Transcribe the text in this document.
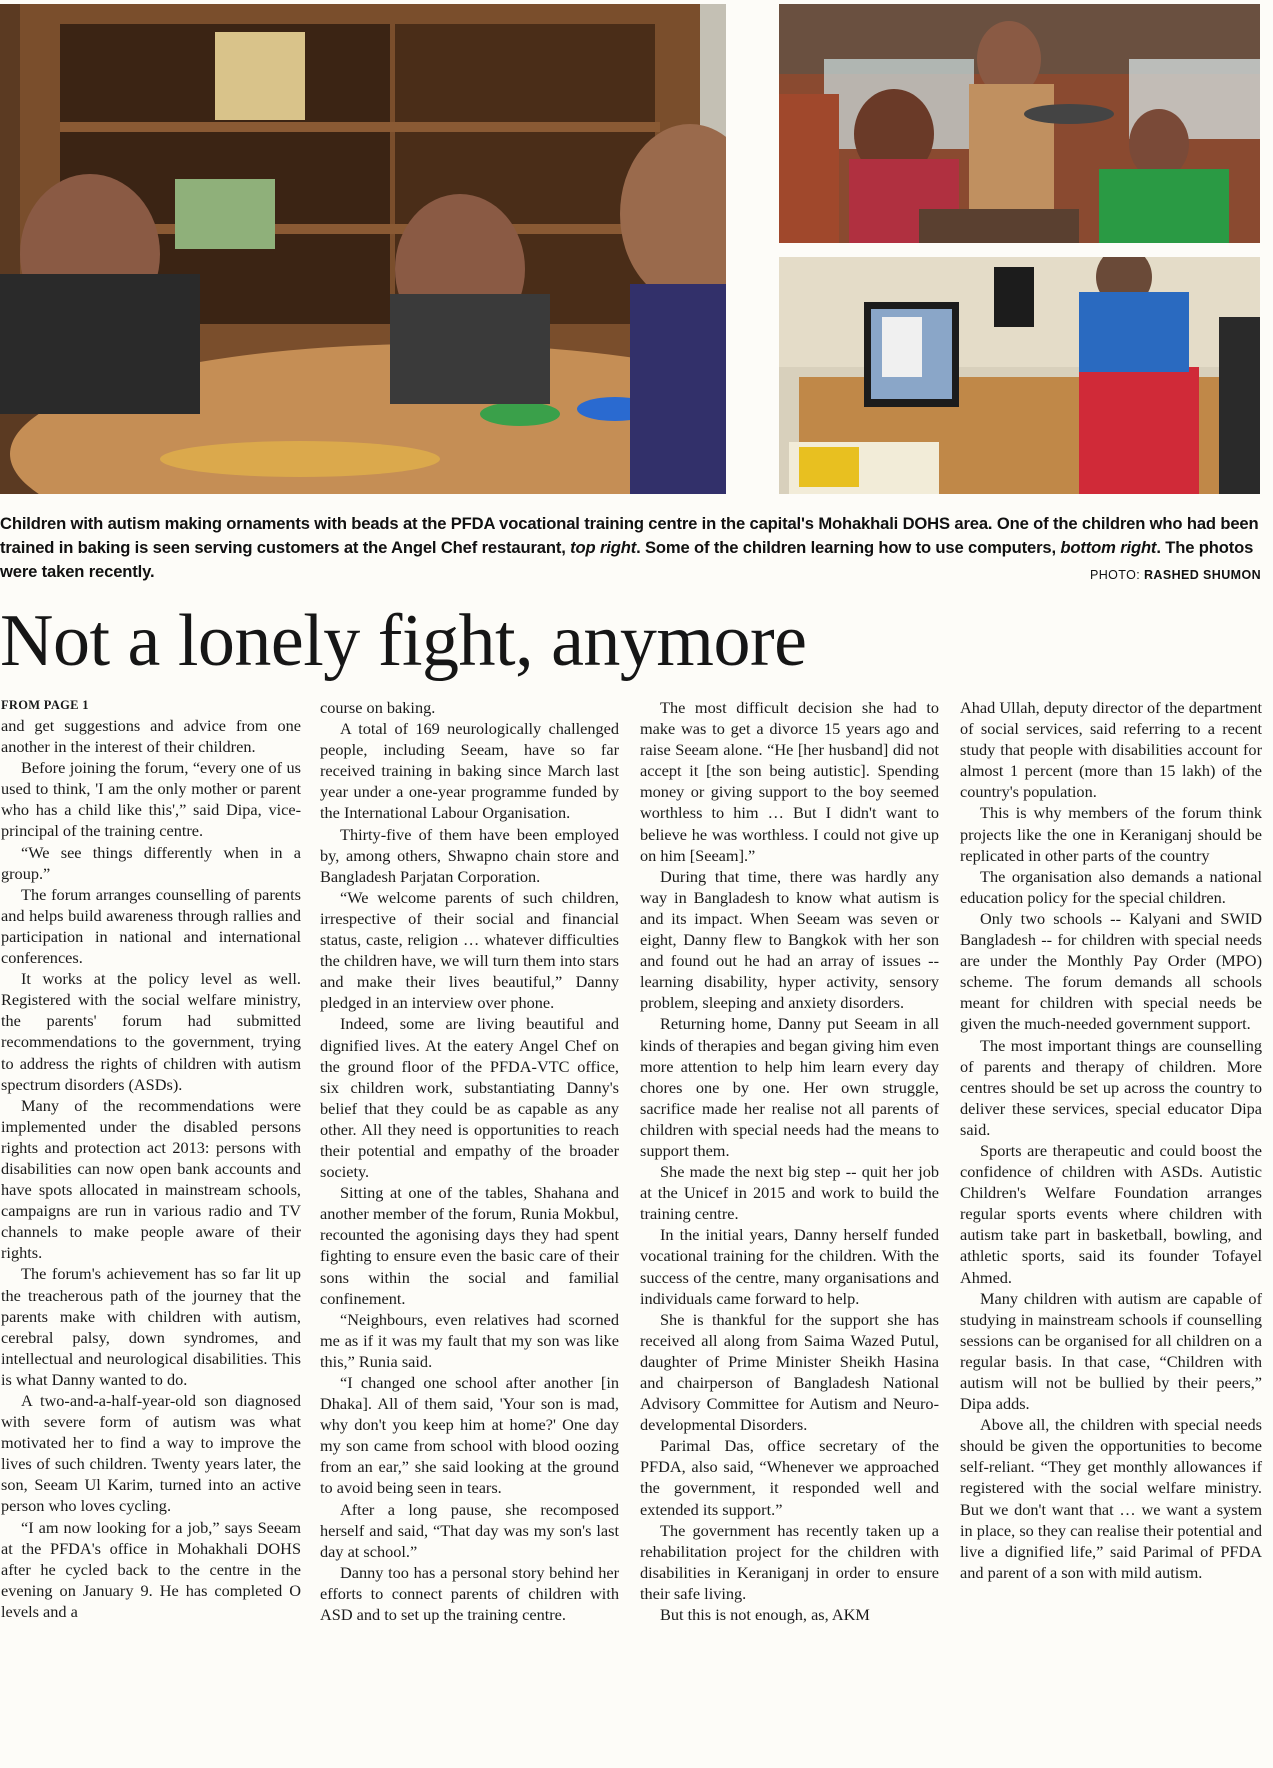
Children with autism making ornaments with beads at the PFDA vocational training centre in the capital's Mohakhali DOHS area. One of the children who had been trained in baking is seen serving customers at the Angel Chef restaurant, top right. Some of the children learning how to use computers, bottom right. The photos were taken recently.	PHOTO: RASHED SHUMON
Not a lonely fight, anymore
FROM PAGE 1

and get suggestions and advice from one another in the interest of their children.

Before joining the forum, “every one of us used to think, 'I am the only mother or parent who has a child like this',” said Dipa, vice-principal of the training centre.

“We see things differently when in a group.”

The forum arranges counselling of parents and helps build awareness through rallies and participation in national and international conferences.

It works at the policy level as well. Registered with the social welfare ministry, the parents' forum had submitted recommendations to the government, trying to address the rights of children with autism spectrum disorders (ASDs).

Many of the recommendations were implemented under the disabled persons rights and protection act 2013: persons with disabilities can now open bank accounts and have spots allocated in mainstream schools, campaigns are run in various radio and TV channels to make people aware of their rights.

The forum's achievement has so far lit up the treacherous path of the journey that the parents make with children with autism, cerebral palsy, down syndromes, and intellectual and neurological disabilities. This is what Danny wanted to do.

A two-and-a-half-year-old son diagnosed with severe form of autism was what motivated her to find a way to improve the lives of such children. Twenty years later, the son, Seeam Ul Karim, turned into an active person who loves cycling.

“I am now looking for a job,” says Seeam at the PFDA's office in Mohakhali DOHS after he cycled back to the centre in the evening on January 9. He has completed O levels and a

course on baking.

A total of 169 neurologically challenged people, including Seeam, have so far received training in baking since March last year under a one-year programme funded by the International Labour Organisation.

Thirty-five of them have been employed by, among others, Shwapno chain store and Bangladesh Parjatan Corporation.

“We welcome parents of such children, irrespective of their social and financial status, caste, religion … whatever difficulties the children have, we will turn them into stars and make their lives beautiful,” Danny pledged in an interview over phone.

Indeed, some are living beautiful and dignified lives. At the eatery Angel Chef on the ground floor of the PFDA-VTC office, six children work, substantiating Danny's belief that they could be as capable as any other. All they need is opportunities to reach their potential and empathy of the broader society.

Sitting at one of the tables, Shahana and another member of the forum, Runia Mokbul, recounted the agonising days they had spent fighting to ensure even the basic care of their sons within the social and familial confinement.

“Neighbours, even relatives had scorned me as if it was my fault that my son was like this,” Runia said.

“I changed one school after another [in Dhaka]. All of them said, 'Your son is mad, why don't you keep him at home?' One day my son came from school with blood oozing from an ear,” she said looking at the ground to avoid being seen in tears.

After a long pause, she recomposed herself and said, “That day was my son's last day at school.”

Danny too has a personal story behind her efforts to connect parents of children with ASD and to set up the training centre.

The most difficult decision she had to make was to get a divorce 15 years ago and raise Seeam alone. “He [her husband] did not accept it [the son being autistic]. Spending money or giving support to the boy seemed worthless to him … But I didn't want to believe he was worthless. I could not give up on him [Seeam].”

During that time, there was hardly any way in Bangladesh to know what autism is and its impact. When Seeam was seven or eight, Danny flew to Bangkok with her son and found out he had an array of issues -- learning disability, hyper activity, sensory problem, sleeping and anxiety disorders.

Returning home, Danny put Seeam in all kinds of therapies and began giving him even more attention to help him learn every day chores one by one. Her own struggle, sacrifice made her realise not all parents of children with special needs had the means to support them.

She made the next big step -- quit her job at the Unicef in 2015 and work to build the training centre.

In the initial years, Danny herself funded vocational training for the children. With the success of the centre, many organisations and individuals came forward to help.

She is thankful for the support she has received all along from Saima Wazed Putul, daughter of Prime Minister Sheikh Hasina and chairperson of Bangladesh National Advisory Committee for Autism and Neurodevelopmental Disorders.

Parimal Das, office secretary of the PFDA, also said, “Whenever we approached the government, it responded well and extended its support.”

The government has recently taken up a rehabilitation project for the children with disabilities in Keraniganj in order to ensure their safe living.

But this is not enough, as, AKM

Ahad Ullah, deputy director of the department of social services, said referring to a recent study that people with disabilities account for almost 1 percent (more than 15 lakh) of the country's population.

This is why members of the forum think projects like the one in Keraniganj should be replicated in other parts of the country

The organisation also demands a national education policy for the special children.

Only two schools -- Kalyani and SWID Bangladesh -- for children with special needs are under the Monthly Pay Order (MPO) scheme. The forum demands all schools meant for children with special needs be given the much-needed government support.

The most important things are counselling of parents and therapy of children. More centres should be set up across the country to deliver these services, special educator Dipa said.

Sports are therapeutic and could boost the confidence of children with ASDs. Autistic Children's Welfare Foundation arranges regular sports events where children with autism take part in basketball, bowling, and athletic sports, said its founder Tofayel Ahmed.

Many children with autism are capable of studying in mainstream schools if counselling sessions can be organised for all children on a regular basis. In that case, “Children with autism will not be bullied by their peers,” Dipa adds.

Above all, the children with special needs should be given the opportunities to become self-reliant. “They get monthly allowances if registered with the social welfare ministry. But we don't want that … we want a system in place, so they can realise their potential and live a dignified life,” said Parimal of PFDA and parent of a son with mild autism.
